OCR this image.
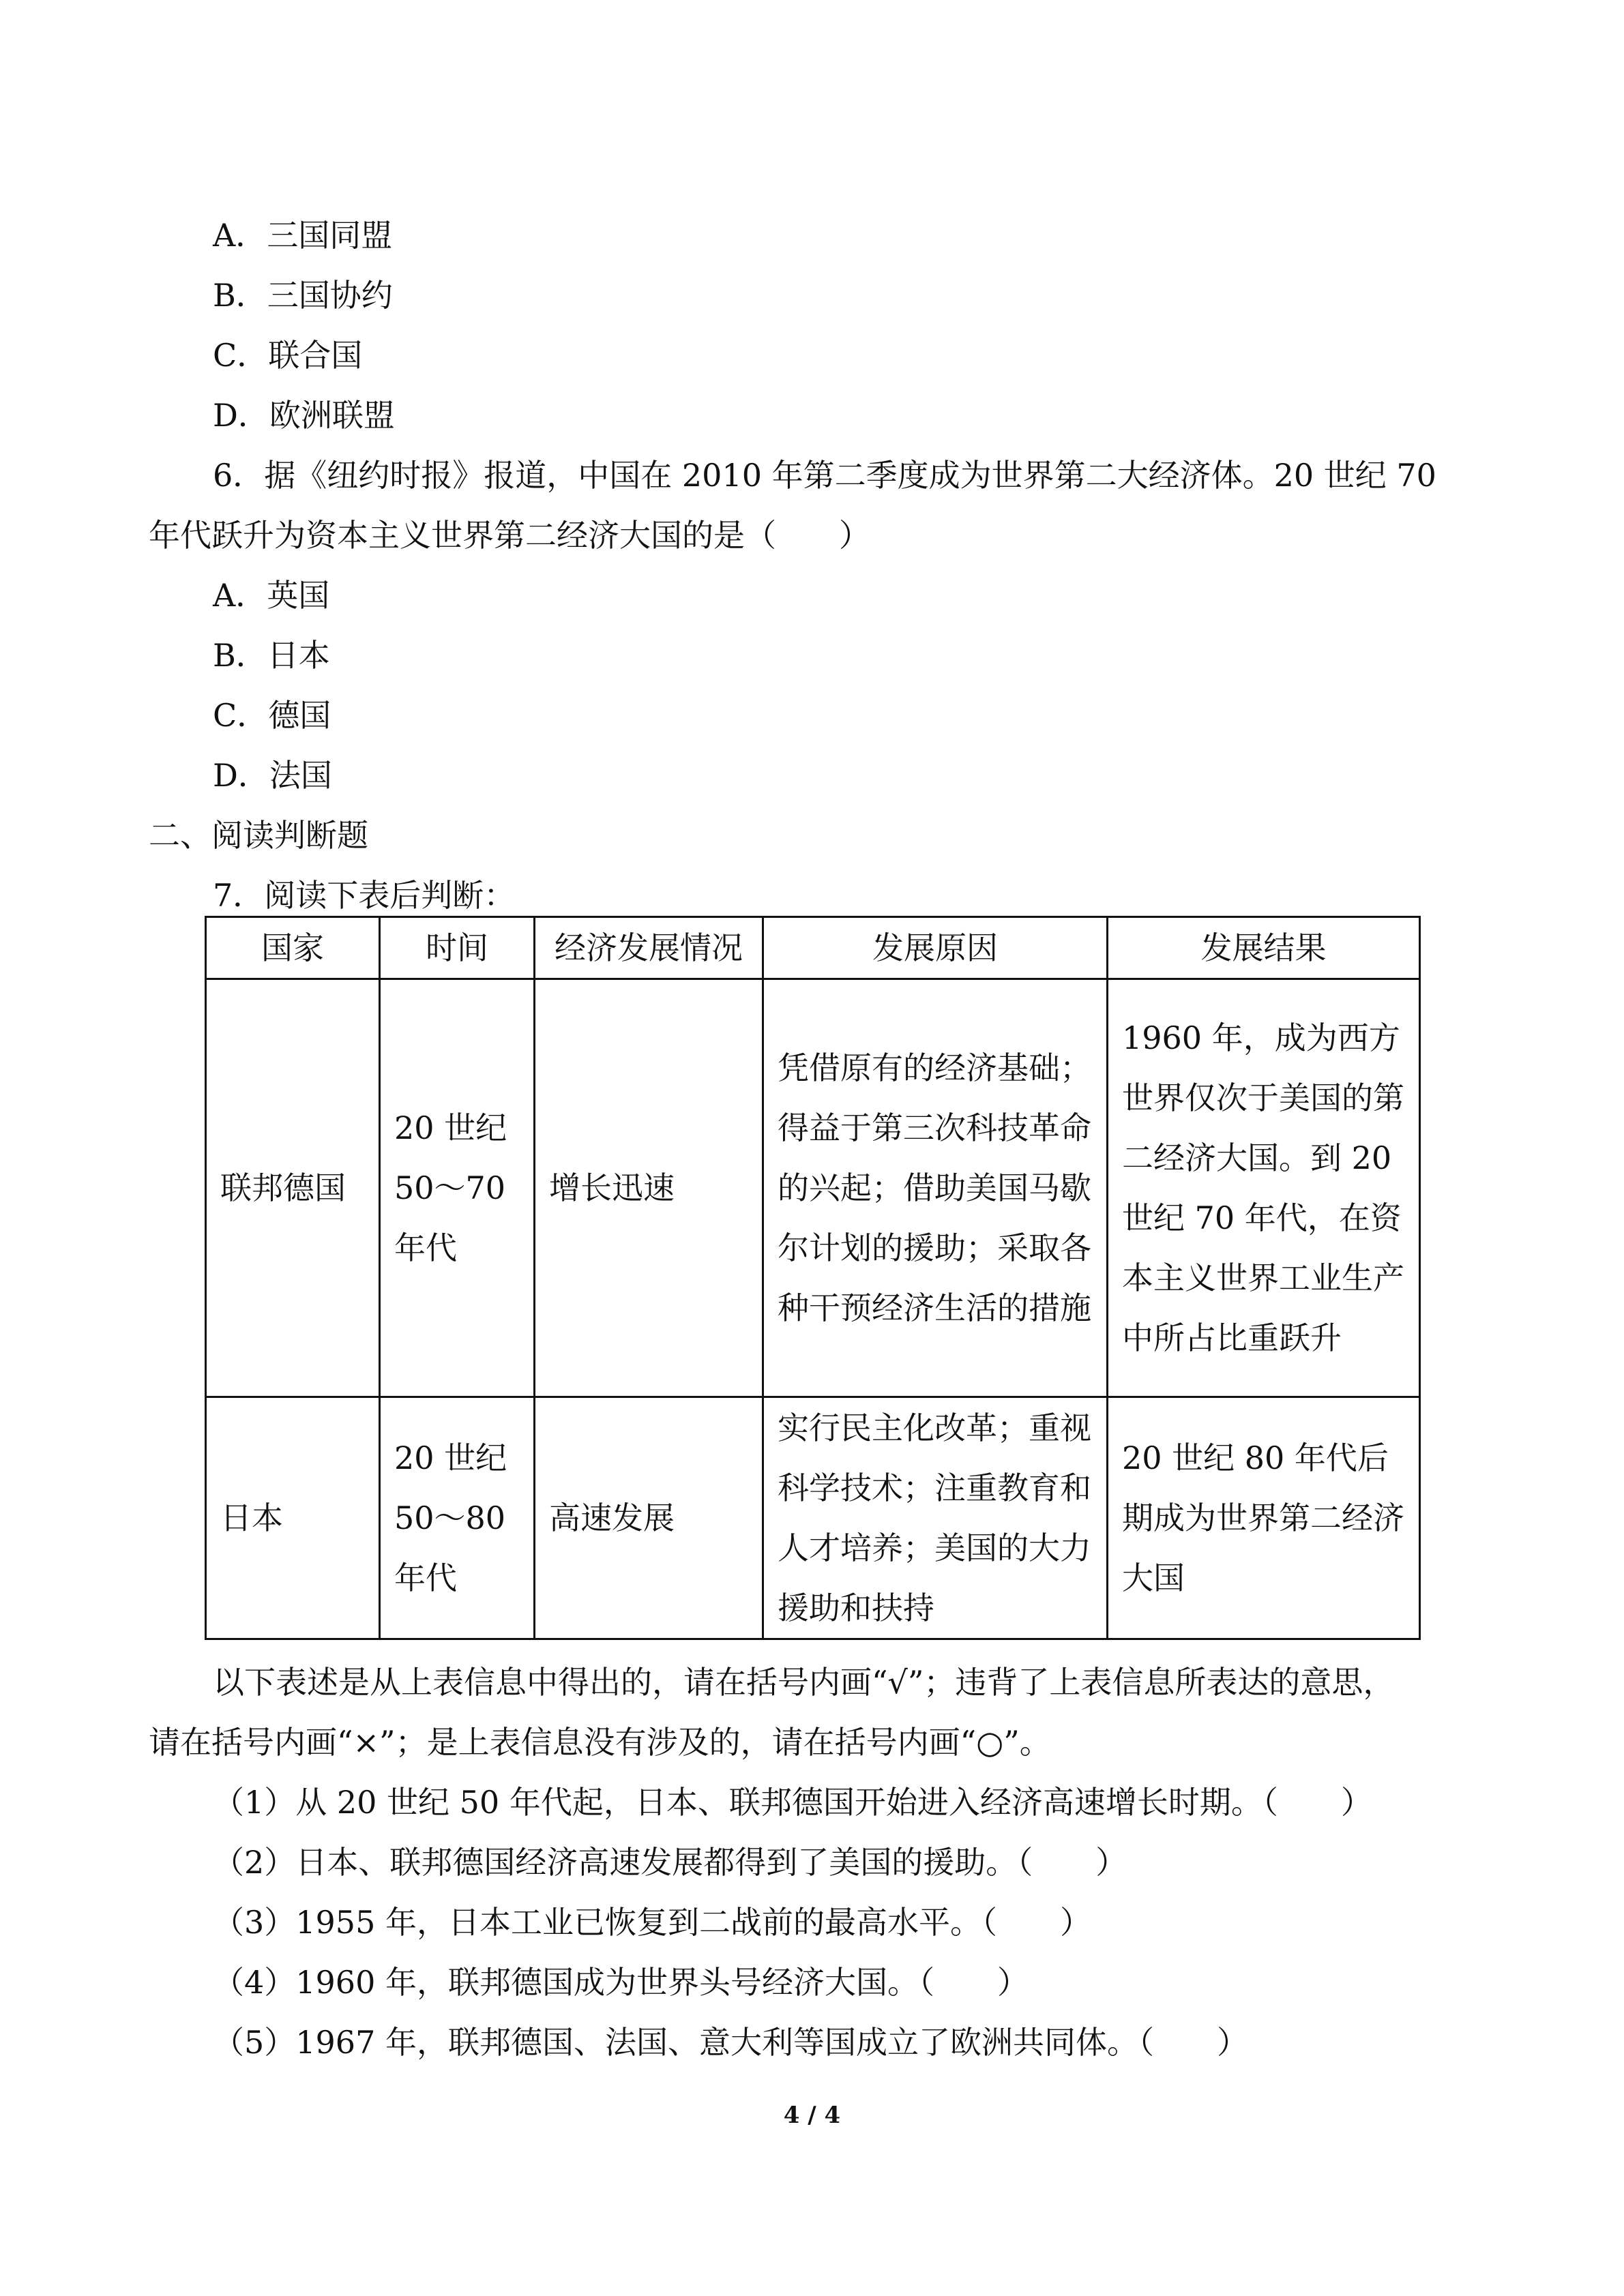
A．三国同盟
B．三国协约
C．联合国
D．欧洲联盟
6．据《纽约时报》报道，中国在 2010 年第二季度成为世界第二大经济体。20 世纪 70
年代跃升为资本主义世界第二经济大国的是（　　）
A．英国
B．日本
C．德国
D．法国
二、阅读判断题
7．阅读下表后判断：
国家	时间	经济发展情况	发展原因	发展结果

联邦德国	20 世纪 50～70 年代	增长迅速	凭借原有的经济基础；得益于第三次科技革命的兴起；借助美国马歇尔计划的援助；采取各种干预经济生活的措施	1960 年，成为西方世界仅次于美国的第二经济大国。到 20 世纪 70 年代，在资本主义世界工业生产中所占比重跃升

日本	20 世纪 50～80 年代	高速发展	实行民主化改革；重视科学技术；注重教育和人才培养；美国的大力援助和扶持	20 世纪 80 年代后期成为世界第二经济大国
以下表述是从上表信息中得出的，请在括号内画“√”；违背了上表信息所表达的意思，
请在括号内画“×”；是上表信息没有涉及的，请在括号内画“○”。
（1）从 20 世纪 50 年代起，日本、联邦德国开始进入经济高速增长时期。（　　）
（2）日本、联邦德国经济高速发展都得到了美国的援助。（　　）
（3）1955 年，日本工业已恢复到二战前的最高水平。（　　）
（4）1960 年，联邦德国成为世界头号经济大国。（　　）
（5）1967 年，联邦德国、法国、意大利等国成立了欧洲共同体。（　　）
4 / 4
